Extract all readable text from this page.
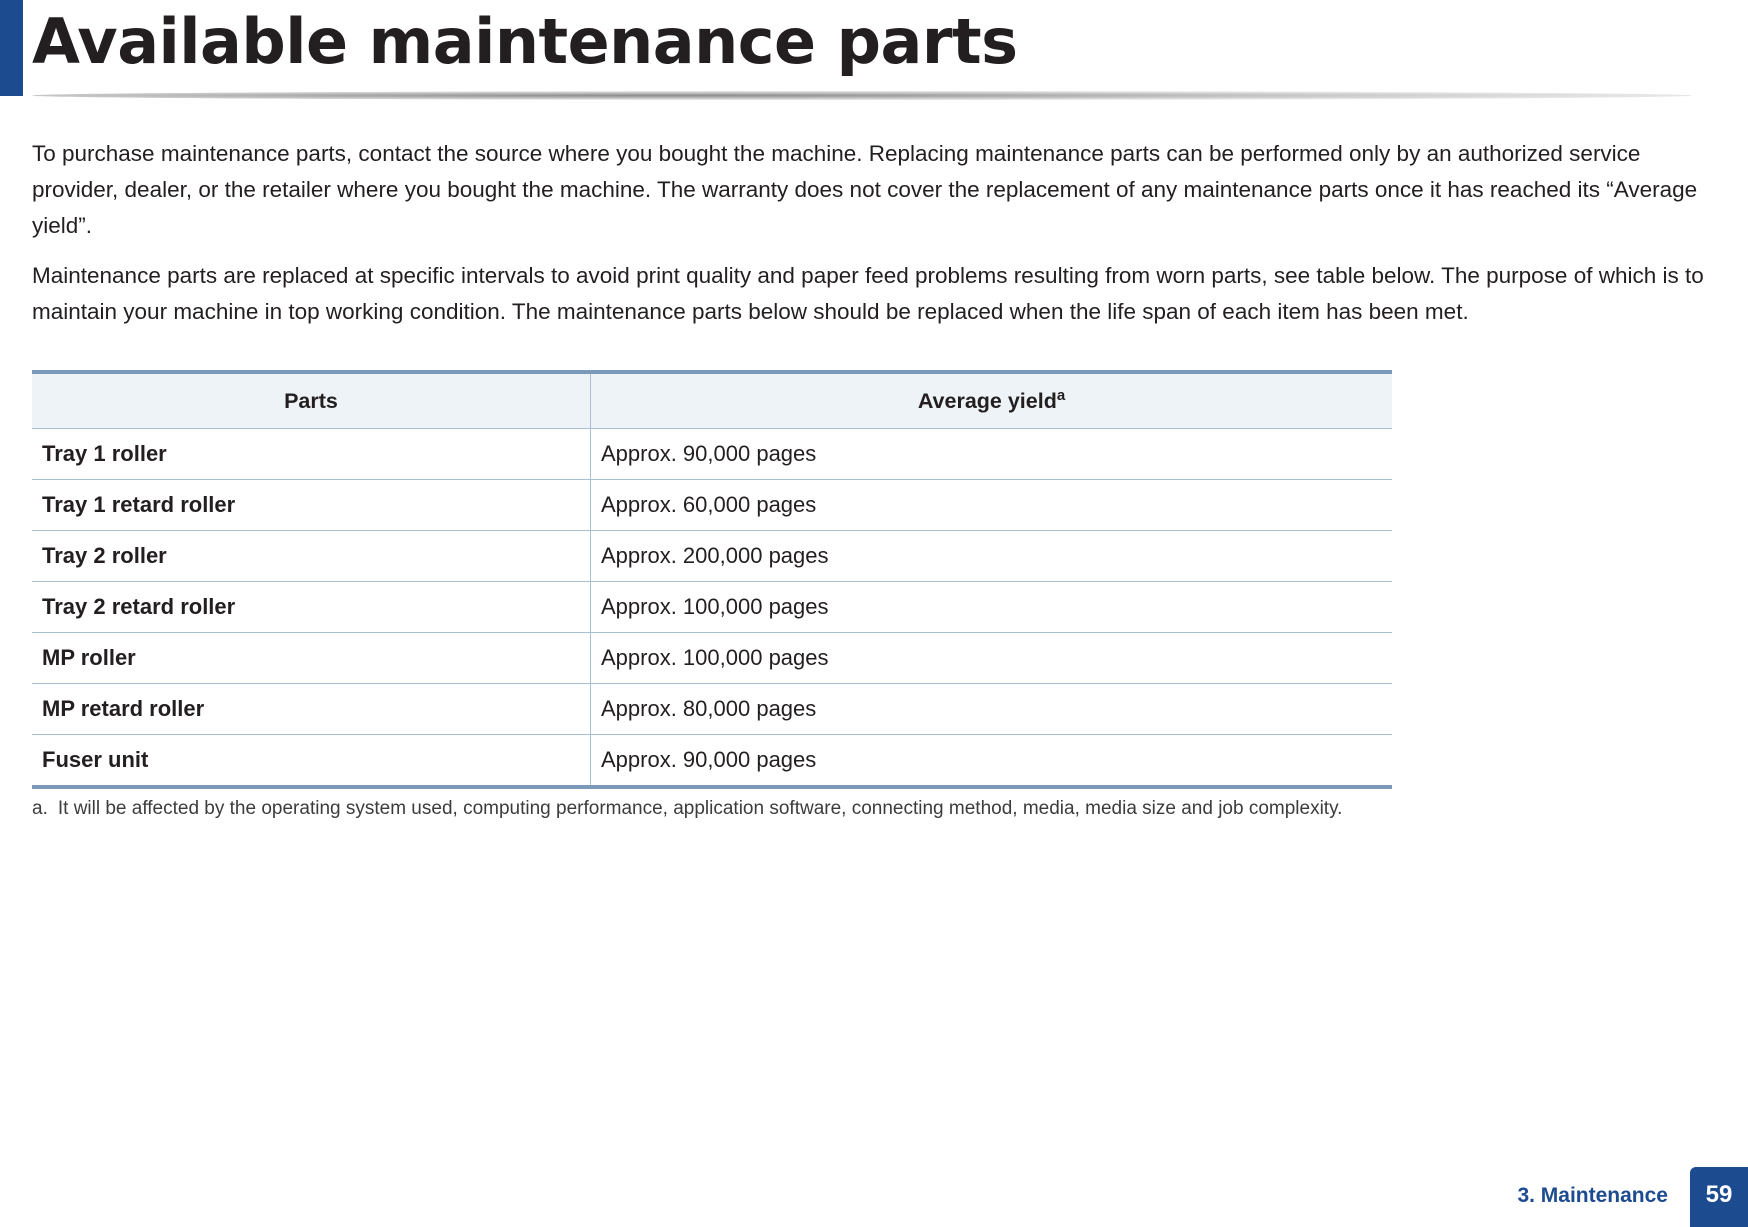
Available maintenance parts

To purchase maintenance parts, contact the source where you bought the machine. Replacing maintenance parts can be performed only by an authorized service provider, dealer, or the retailer where you bought the machine. The warranty does not cover the replacement of any maintenance parts once it has reached its “Average yield”.

Maintenance parts are replaced at specific intervals to avoid print quality and paper feed problems resulting from worn parts, see table below. The purpose of which is to maintain your machine in top working condition. The maintenance parts below should be replaced when the life span of each item has been met.

Parts	Average yield$^a$
Tray 1 roller	Approx. 90,000 pages
Tray 1 retard roller	Approx. 60,000 pages
Tray 2 roller	Approx. 200,000 pages
Tray 2 retard roller	Approx. 100,000 pages
MP roller	Approx. 100,000 pages
MP retard roller	Approx. 80,000 pages
Fuser unit	Approx. 90,000 pages
a. It will be affected by the operating system used, computing performance, application software, connecting method, media, media size and job complexity.
3. Maintenance	59
